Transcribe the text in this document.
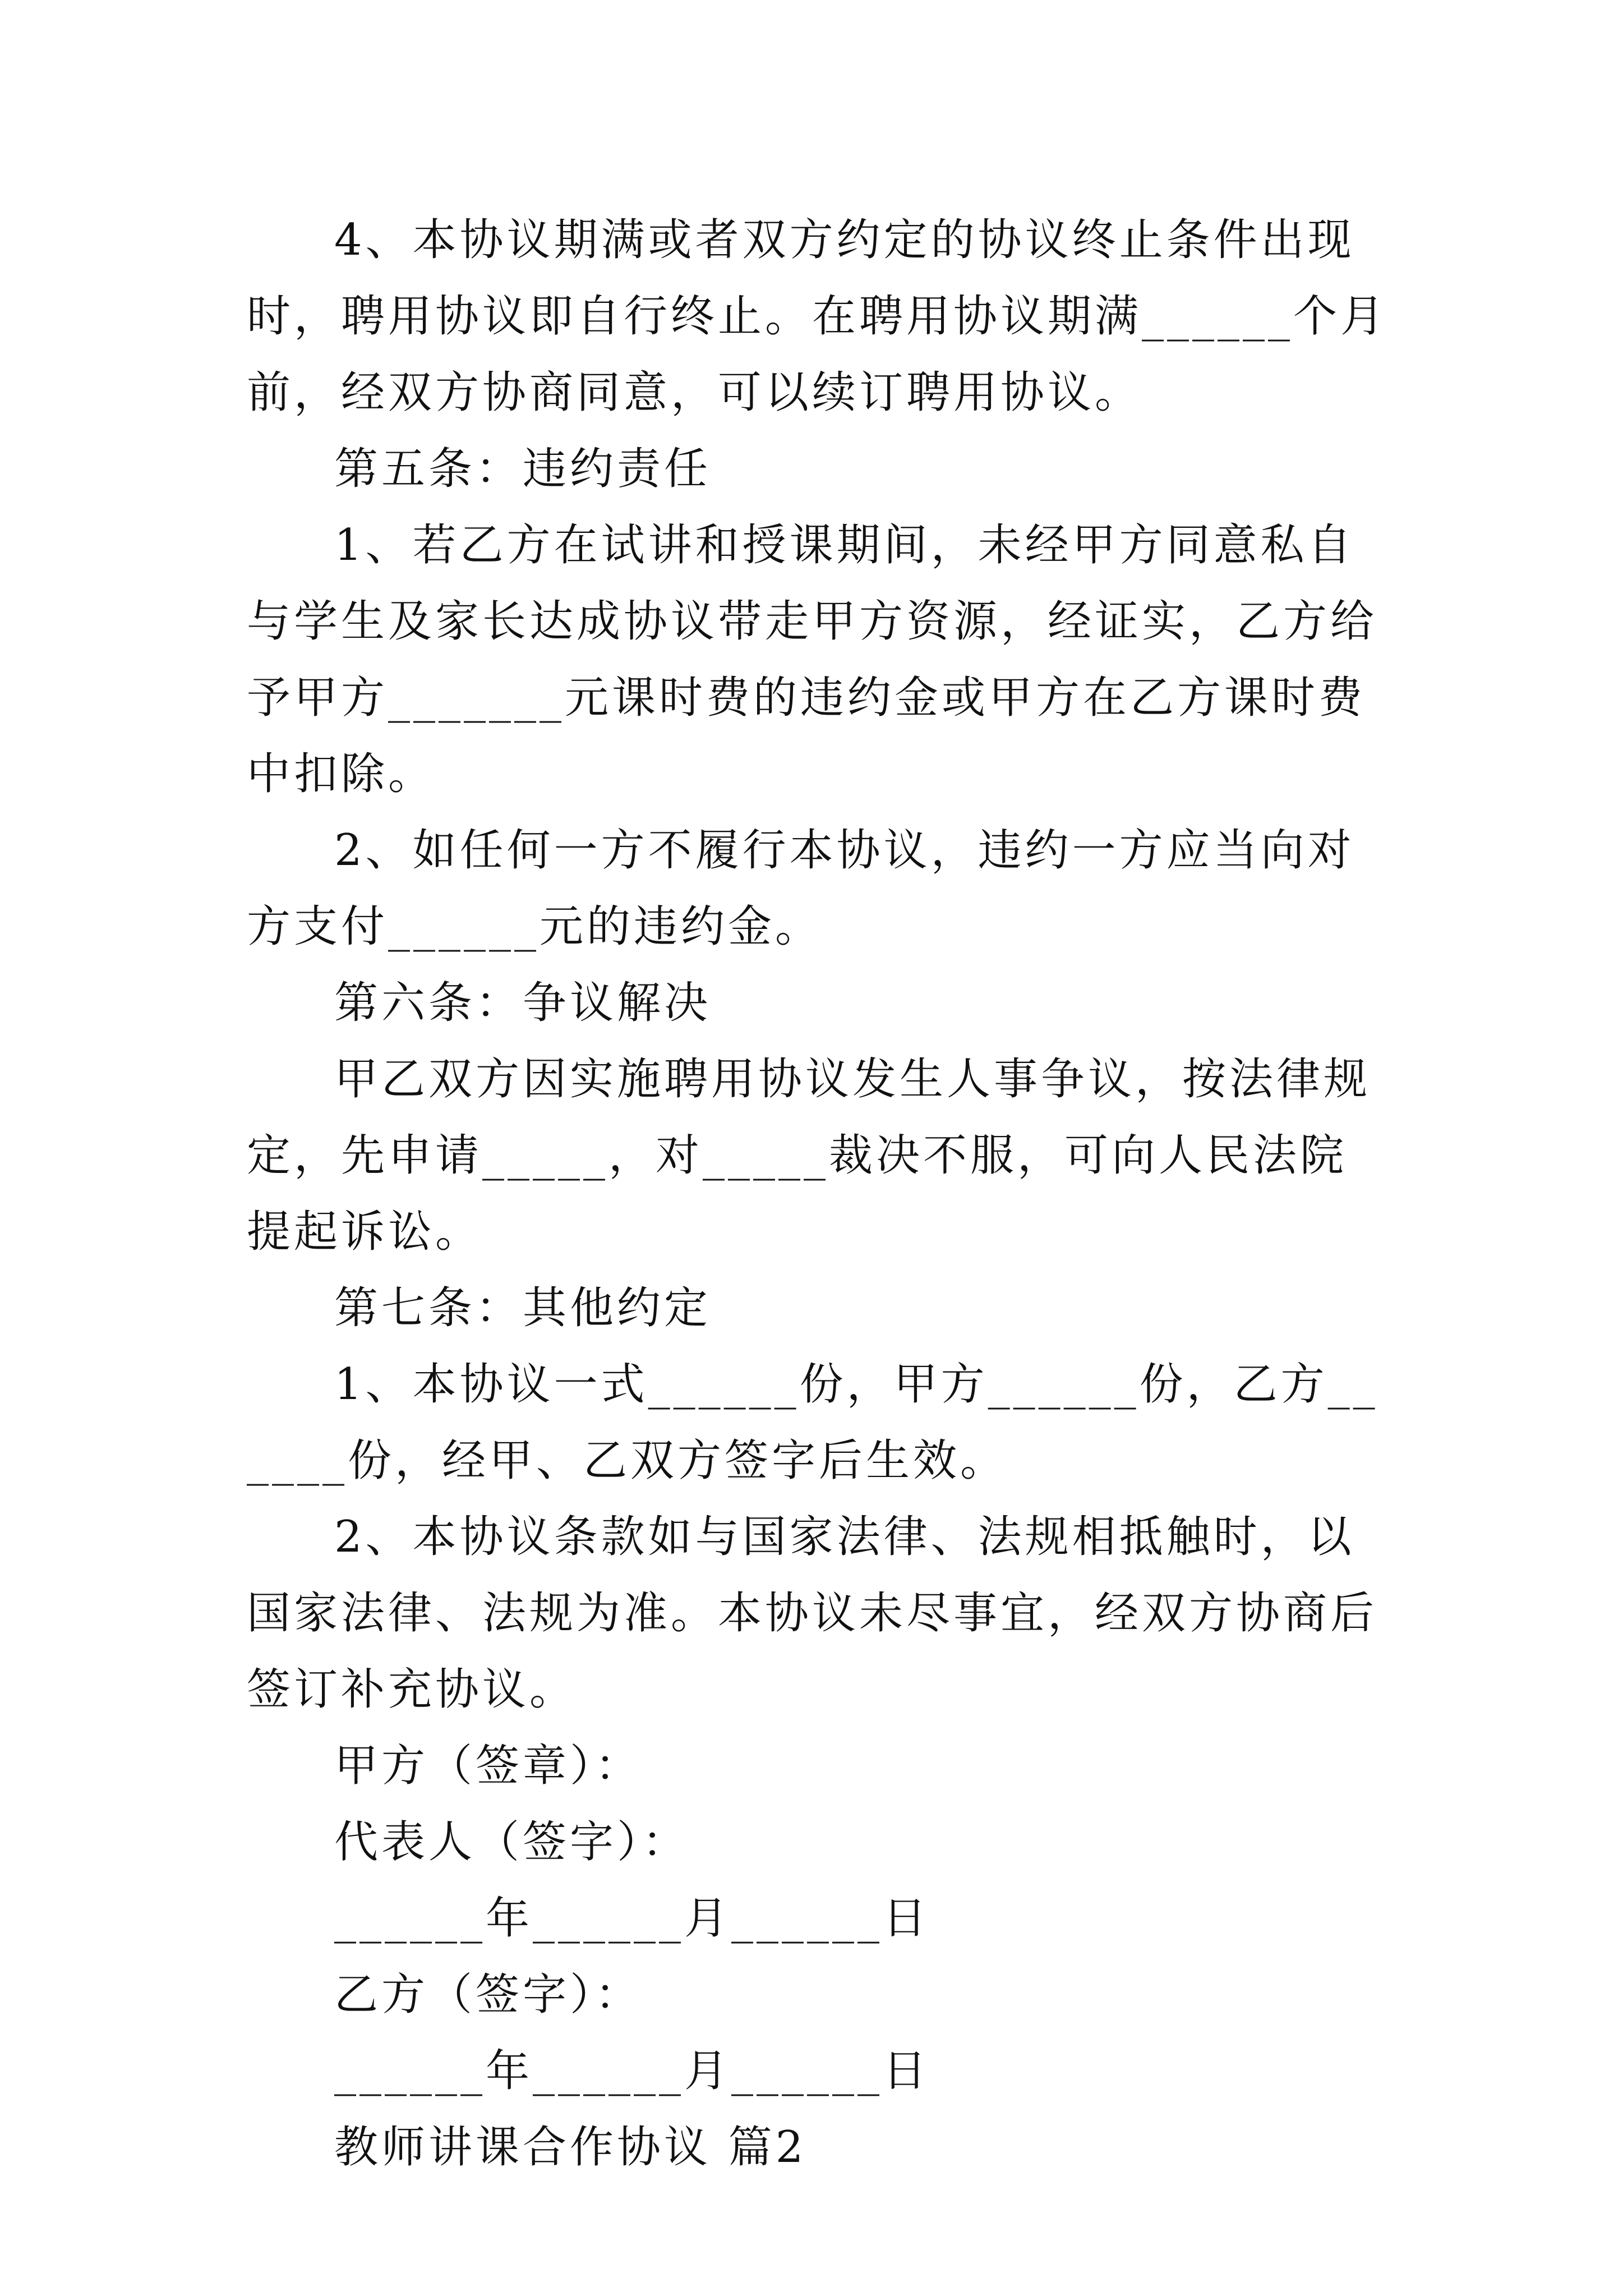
4、本协议期满或者双方约定的协议终止条件出现时，聘用协议即自行终止。在聘用协议期满______个月前，经双方协商同意，可以续订聘用协议。

第五条：违约责任

1、若乙方在试讲和授课期间，未经甲方同意私自与学生及家长达成协议带走甲方资源，经证实，乙方给予甲方_______元课时费的违约金或甲方在乙方课时费中扣除。

2、如任何一方不履行本协议，违约一方应当向对方支付______元的违约金。

第六条：争议解决

甲乙双方因实施聘用协议发生人事争议，按法律规定，先申请_____，对_____裁决不服，可向人民法院提起诉讼。

第七条：其他约定

1、本协议一式______份，甲方______份，乙方______份，经甲、乙双方签字后生效。

2、本协议条款如与国家法律、法规相抵触时，以国家法律、法规为准。本协议未尽事宜，经双方协商后签订补充协议。

甲方（签章）：

代表人（签字）：

______年______月______日

乙方（签字）：

______年______月______日

教师讲课合作协议 篇2
